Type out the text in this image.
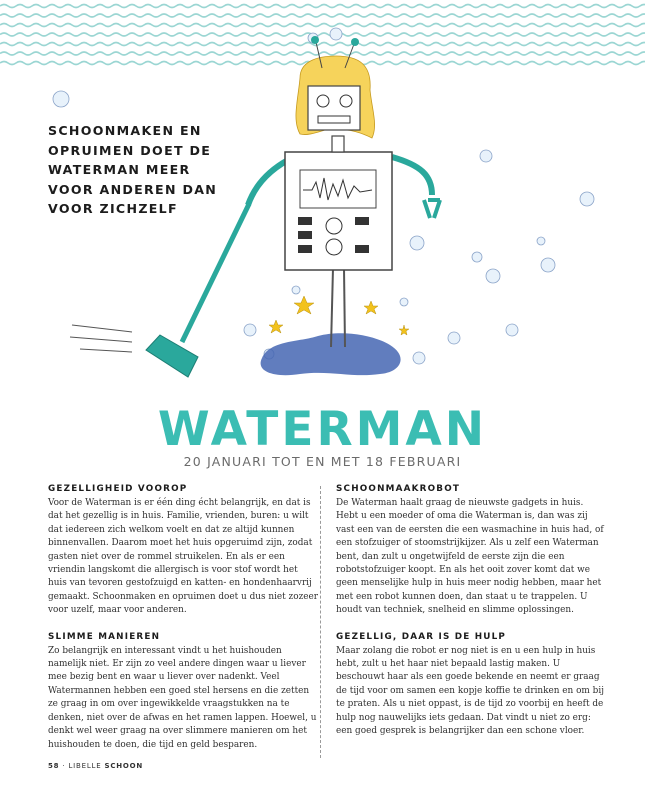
SCHOONMAKEN EN
OPRUIMEN DOET DE
WATERMAN MEER
VOOR ANDEREN DAN
VOOR ZICHZELF
WATERMAN
20 JANUARI TOT EN MET 18 FEBRUARI
GEZELLIGHEID VOOROP

Voor de Waterman is er één ding écht belangrijk, en dat is dat het gezellig is in huis. Familie, vrienden, buren: u wilt dat iedereen zich welkom voelt en dat ze altijd kunnen binnenvallen. Daarom moet het huis opgeruimd zijn, zodat gasten niet over de rommel struikelen. En als er een vriendin langskomt die allergisch is voor stof wordt het huis van tevoren gestofzuigd en katten- en hondenhaarvrij gemaakt. Schoonmaken en opruimen doet u dus niet zozeer voor uzelf, maar voor anderen.

SLIMME MANIEREN

Zo belangrijk en interessant vindt u het huishouden namelijk niet. Er zijn zo veel andere dingen waar u liever mee bezig bent en waar u liever over nadenkt. Veel Watermannen hebben een goed stel hersens en die zetten ze graag in om over ingewikkelde vraagstukken na te denken, niet over de afwas en het ramen lappen. Hoewel, u denkt wel weer graag na over slimmere manieren om het huishouden te doen, die tijd en geld besparen.

SCHOONMAAKROBOT

De Waterman haalt graag de nieuwste gadgets in huis. Hebt u een moeder of oma die Waterman is, dan was zij vast een van de eersten die een wasmachine in huis had, of een stofzuiger of stoomstrijkijzer. Als u zelf een Waterman bent, dan zult u ongetwijfeld de eerste zijn die een robotstofzuiger koopt. En als het ooit zover komt dat we geen menselijke hulp in huis meer nodig hebben, maar het met een robot kunnen doen, dan staat u te trappelen. U houdt van techniek, snelheid en slimme oplossingen.

GEZELLIG, DAAR IS DE HULP

Maar zolang die robot er nog niet is en u een hulp in huis hebt, zult u het haar niet bepaald lastig maken. U beschouwt haar als een goede bekende en neemt er graag de tijd voor om samen een kopje koffie te drinken en om bij te praten. Als u niet oppast, is de tijd zo voorbij en heeft de hulp nog nauwelijks iets gedaan. Dat vindt u niet zo erg: een goed gesprek is belangrijker dan een schone vloer.

58 · LIBELLE SCHOON
